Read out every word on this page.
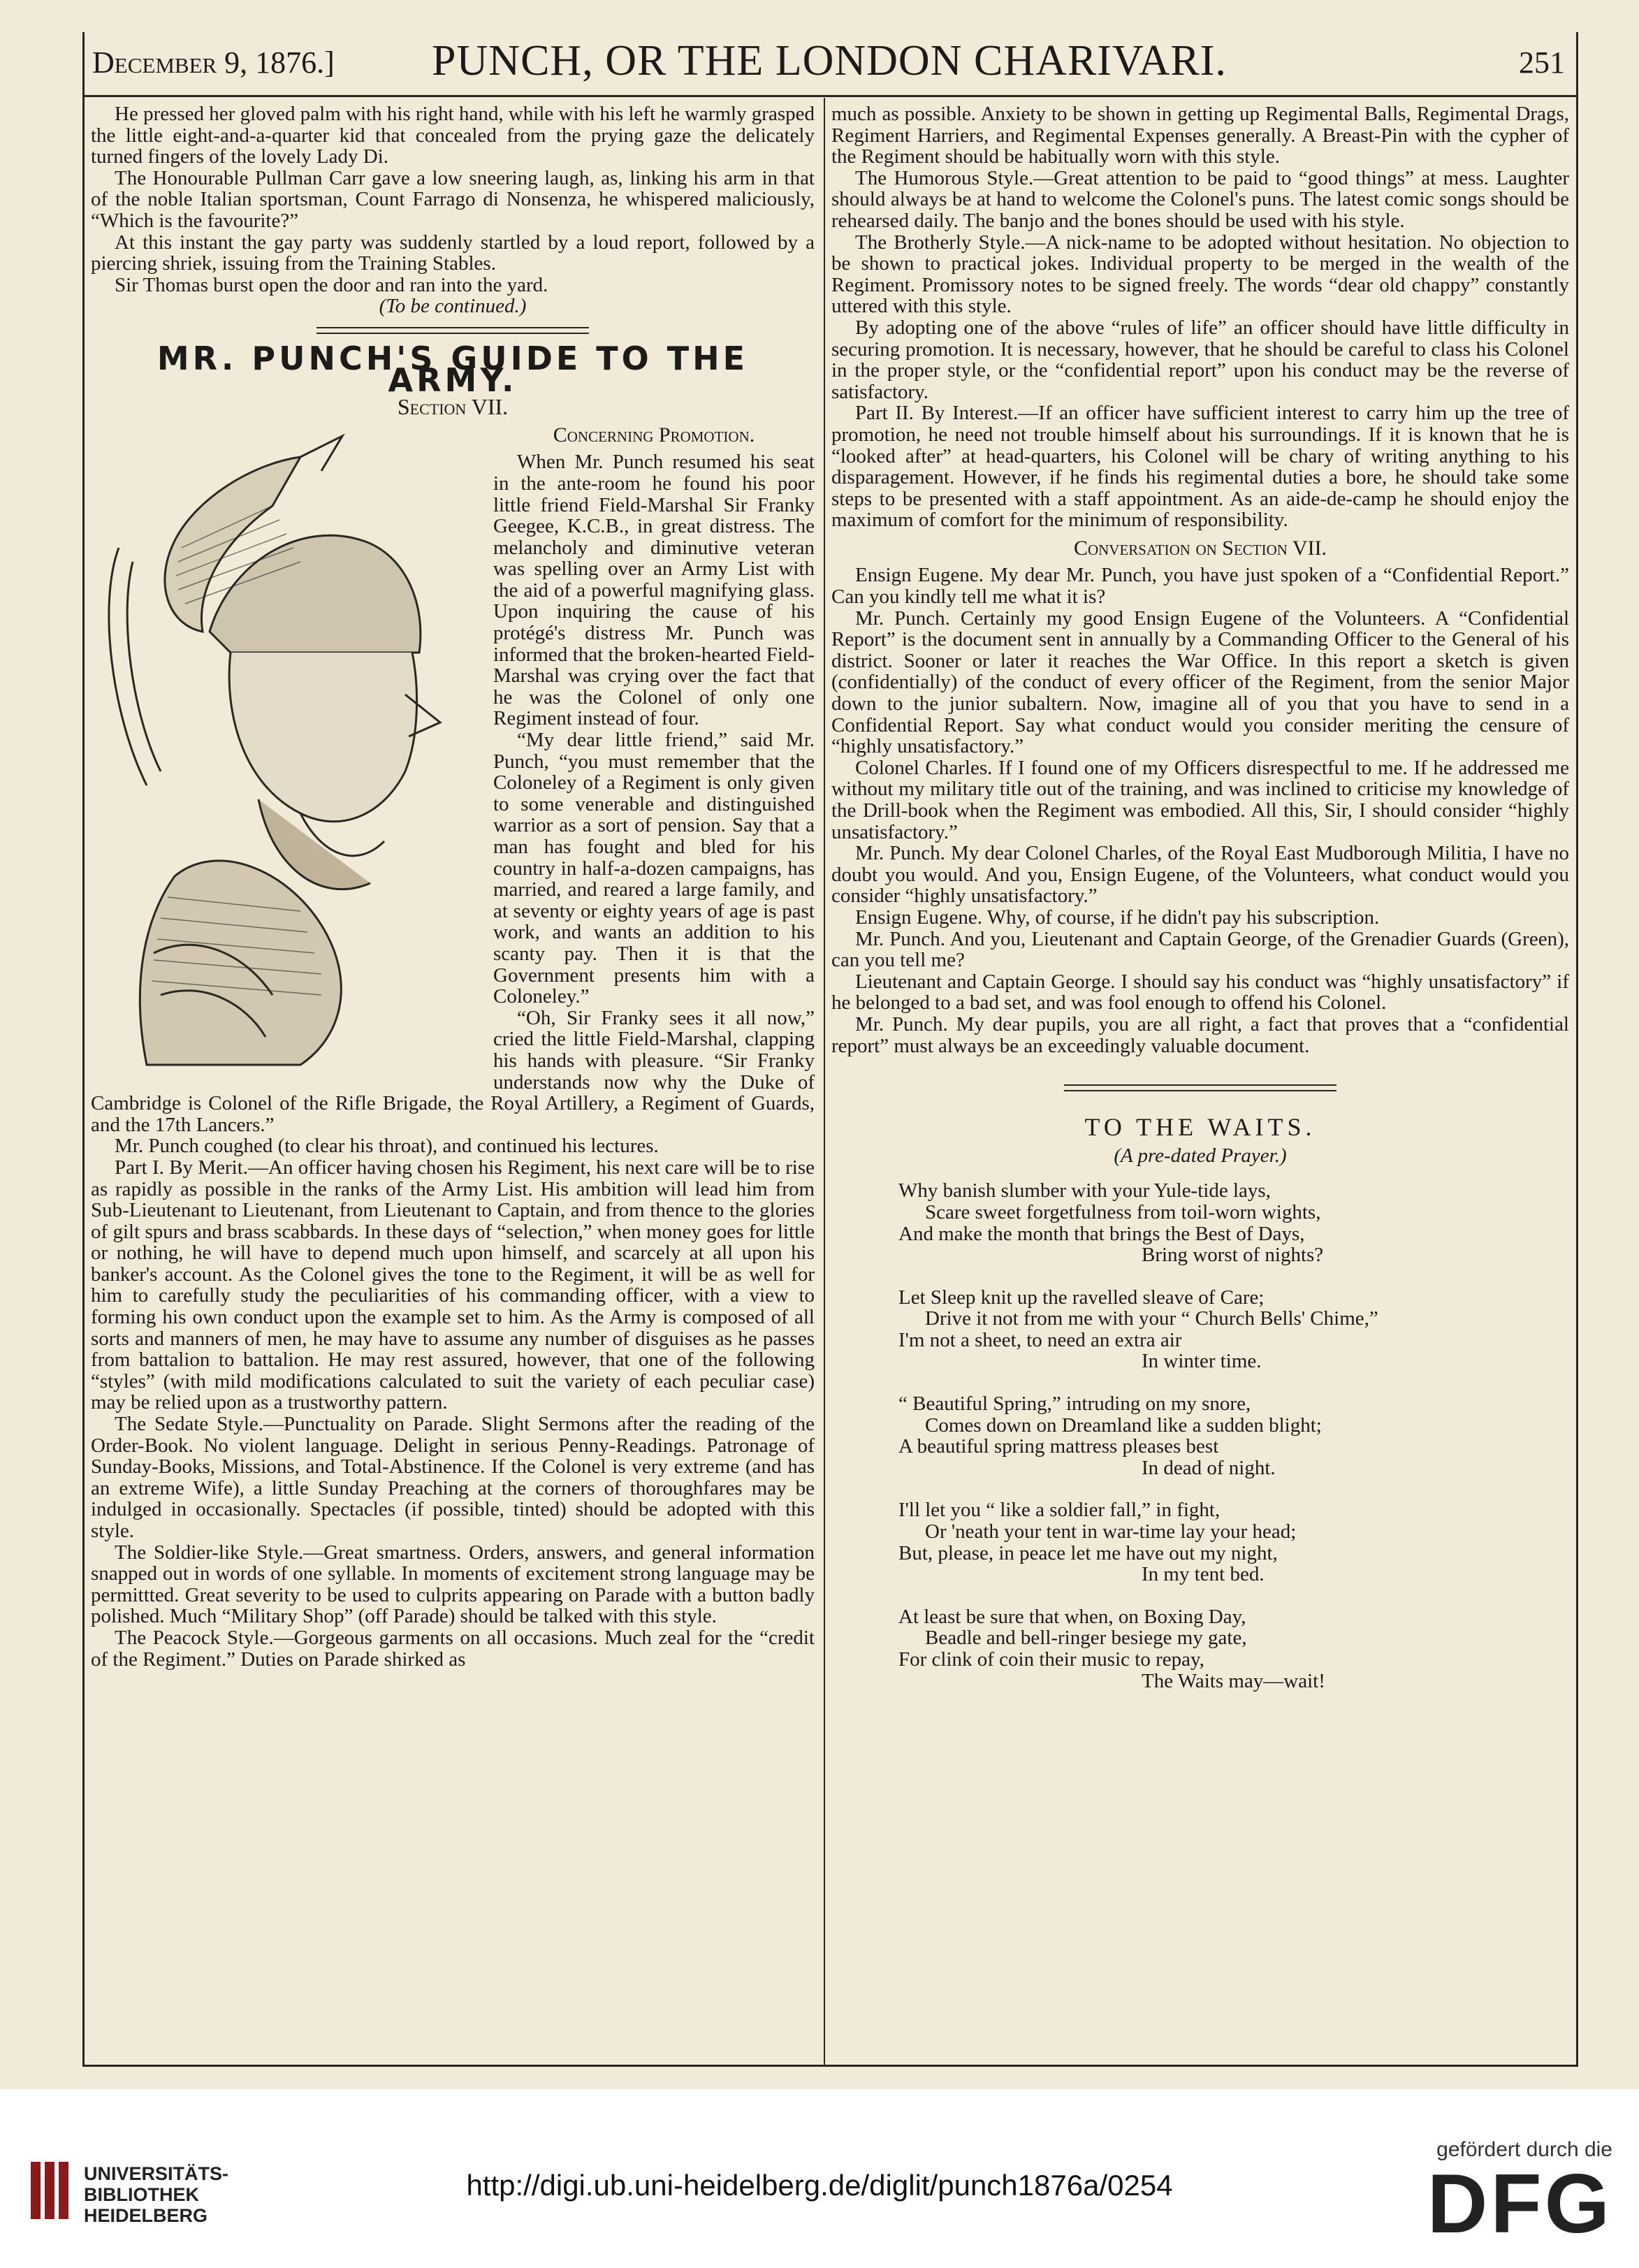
December 9, 1876.]	PUNCH, OR THE LONDON CHARIVARI.	251

He pressed her gloved palm with his right hand, while with his left he warmly grasped the little eight-and-a-quarter kid that concealed from the prying gaze the delicately turned fingers of the lovely Lady Di.

The Honourable Pullman Carr gave a low sneering laugh, as, linking his arm in that of the noble Italian sportsman, Count Farrago di Nonsenza, he whispered maliciously, “Which is the favourite?”

At this instant the gay party was suddenly startled by a loud report, followed by a piercing shriek, issuing from the Training Stables.

Sir Thomas burst open the door and ran into the yard.

(To be continued.)

MR. PUNCH'S GUIDE TO THE ARMY.
Section VII.
Concerning Promotion.

When Mr. Punch resumed his seat in the ante-room he found his poor little friend Field-Marshal Sir Franky Geegee, K.C.B., in great distress. The melancholy and diminutive veteran was spelling over an Army List with the aid of a powerful magnifying glass. Upon inquiring the cause of his protégé's distress Mr. Punch was informed that the broken-hearted Field-Marshal was crying over the fact that he was the Colonel of only one Regiment instead of four.

“My dear little friend,” said Mr. Punch, “you must remember that the Coloneley of a Regiment is only given to some venerable and distinguished warrior as a sort of pension. Say that a man has fought and bled for his country in half-a-dozen campaigns, has married, and reared a large family, and at seventy or eighty years of age is past work, and wants an addition to his scanty pay. Then it is that the Government presents him with a Coloneley.”

“Oh, Sir Franky sees it all now,” cried the little Field-Marshal, clapping his hands with pleasure. “Sir Franky understands now why the Duke of Cambridge is Colonel of the Rifle Brigade, the Royal Artillery, a Regiment of Guards, and the 17th Lancers.”

Mr. Punch coughed (to clear his throat), and continued his lectures.

Part I. By Merit.—An officer having chosen his Regiment, his next care will be to rise as rapidly as possible in the ranks of the Army List. His ambition will lead him from Sub-Lieutenant to Lieutenant, from Lieutenant to Captain, and from thence to the glories of gilt spurs and brass scabbards. In these days of “selection,” when money goes for little or nothing, he will have to depend much upon himself, and scarcely at all upon his banker's account. As the Colonel gives the tone to the Regiment, it will be as well for him to carefully study the peculiarities of his commanding officer, with a view to forming his own conduct upon the example set to him. As the Army is composed of all sorts and manners of men, he may have to assume any number of disguises as he passes from battalion to battalion. He may rest assured, however, that one of the following “styles” (with mild modifications calculated to suit the variety of each peculiar case) may be relied upon as a trustworthy pattern.

The Sedate Style.—Punctuality on Parade. Slight Sermons after the reading of the Order-Book. No violent language. Delight in serious Penny-Readings. Patronage of Sunday-Books, Missions, and Total-Abstinence. If the Colonel is very extreme (and has an extreme Wife), a little Sunday Preaching at the corners of thoroughfares may be indulged in occasionally. Spectacles (if possible, tinted) should be adopted with this style.

The Soldier-like Style.—Great smartness. Orders, answers, and general information snapped out in words of one syllable. In moments of excitement strong language may be permittted. Great severity to be used to culprits appearing on Parade with a button badly polished. Much “Military Shop” (off Parade) should be talked with this style.

The Peacock Style.—Gorgeous garments on all occasions. Much zeal for the “credit of the Regiment.” Duties on Parade shirked as

much as possible. Anxiety to be shown in getting up Regimental Balls, Regimental Drags, Regiment Harriers, and Regimental Expenses generally. A Breast-Pin with the cypher of the Regiment should be habitually worn with this style.

The Humorous Style.—Great attention to be paid to “good things” at mess. Laughter should always be at hand to welcome the Colonel's puns. The latest comic songs should be rehearsed daily. The banjo and the bones should be used with his style.

The Brotherly Style.—A nick-name to be adopted without hesitation. No objection to be shown to practical jokes. Individual property to be merged in the wealth of the Regiment. Promissory notes to be signed freely. The words “dear old chappy” constantly uttered with this style.

By adopting one of the above “rules of life” an officer should have little difficulty in securing promotion. It is necessary, however, that he should be careful to class his Colonel in the proper style, or the “confidential report” upon his conduct may be the reverse of satisfactory.

Part II. By Interest.—If an officer have sufficient interest to carry him up the tree of promotion, he need not trouble himself about his surroundings. If it is known that he is “looked after” at head-quarters, his Colonel will be chary of writing anything to his disparagement. However, if he finds his regimental duties a bore, he should take some steps to be presented with a staff appointment. As an aide-de-camp he should enjoy the maximum of comfort for the minimum of responsibility.

Conversation on Section VII.

Ensign Eugene. My dear Mr. Punch, you have just spoken of a “Confidential Report.” Can you kindly tell me what it is?

Mr. Punch. Certainly my good Ensign Eugene of the Volunteers. A “Confidential Report” is the document sent in annually by a Commanding Officer to the General of his district. Sooner or later it reaches the War Office. In this report a sketch is given (confidentially) of the conduct of every officer of the Regiment, from the senior Major down to the junior subaltern. Now, imagine all of you that you have to send in a Confidential Report. Say what conduct would you consider meriting the censure of “highly unsatisfactory.”

Colonel Charles. If I found one of my Officers disrespectful to me. If he addressed me without my military title out of the training, and was inclined to criticise my knowledge of the Drill-book when the Regiment was embodied. All this, Sir, I should consider “highly unsatisfactory.”

Mr. Punch. My dear Colonel Charles, of the Royal East Mudborough Militia, I have no doubt you would. And you, Ensign Eugene, of the Volunteers, what conduct would you consider “highly unsatisfactory.”

Ensign Eugene. Why, of course, if he didn't pay his subscription.

Mr. Punch. And you, Lieutenant and Captain George, of the Grenadier Guards (Green), can you tell me?

Lieutenant and Captain George. I should say his conduct was “highly unsatisfactory” if he belonged to a bad set, and was fool enough to offend his Colonel.

Mr. Punch. My dear pupils, you are all right, a fact that proves that a “confidential report” must always be an exceedingly valuable document.

TO THE WAITS.

(A pre-dated Prayer.)

Why banish slumber with your Yule-tide lays,
Scare sweet forgetfulness from toil-worn wights,
And make the month that brings the Best of Days,
Bring worst of nights?
Let Sleep knit up the ravelled sleave of Care;
Drive it not from me with your “ Church Bells' Chime,”
I'm not a sheet, to need an extra air
In winter time.
“ Beautiful Spring,” intruding on my snore,
Comes down on Dreamland like a sudden blight;
A beautiful spring mattress pleases best
In dead of night.
I'll let you “ like a soldier fall,” in fight,
Or 'neath your tent in war-time lay your head;
But, please, in peace let me have out my night,
In my tent bed.
At least be sure that when, on Boxing Day,
Beadle and bell-ringer besiege my gate,
For clink of coin their music to repay,
The Waits may—wait!
UNIVERSITÄTS-
BIBLIOTHEK
HEIDELBERG
http://digi.ub.uni-heidelberg.de/diglit/punch1876a/0254
gefördert durch die
DFG
